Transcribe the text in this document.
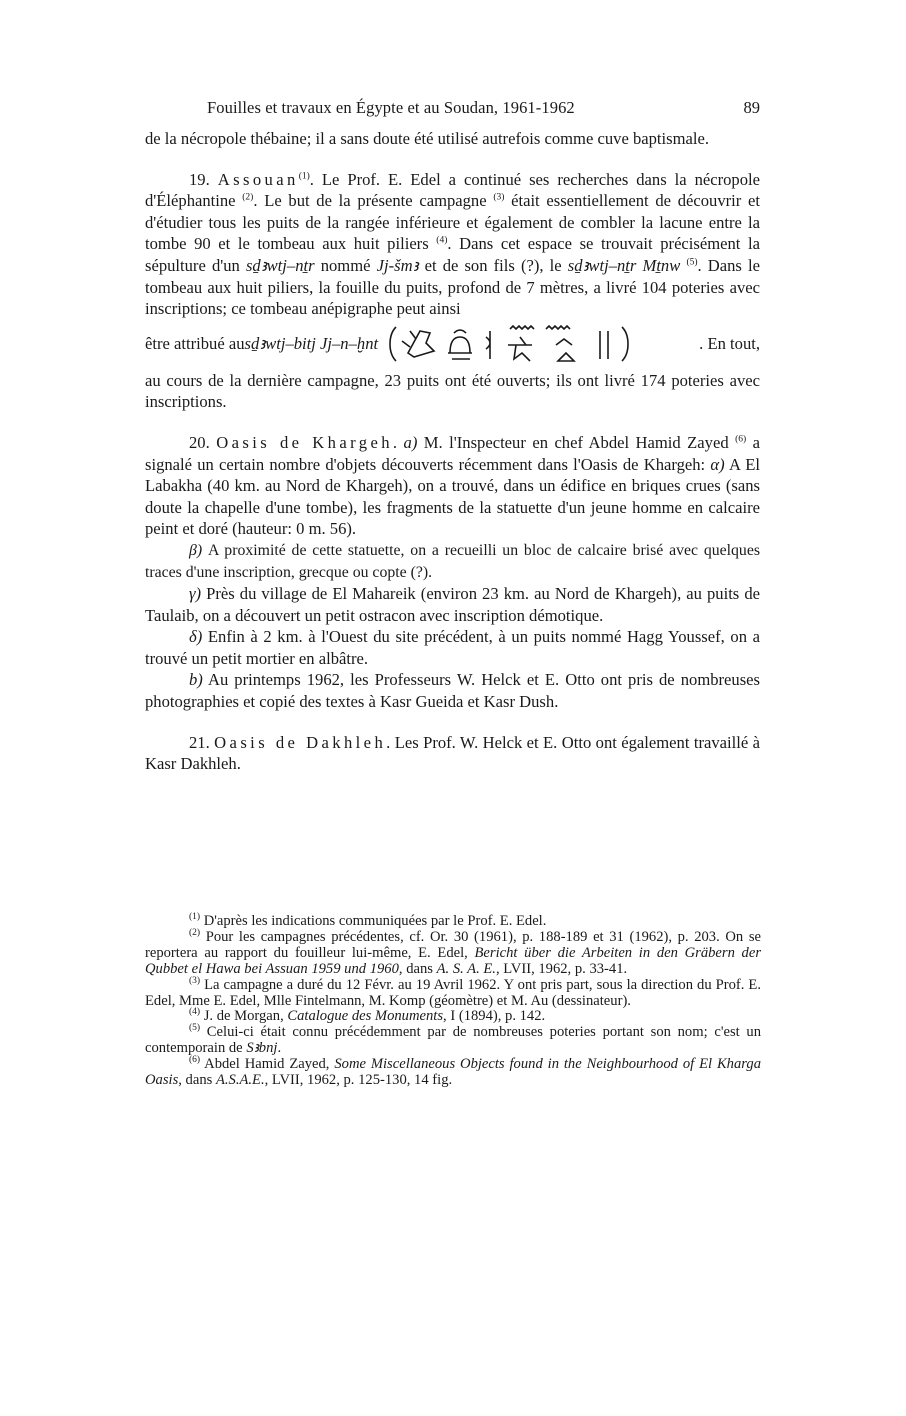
Fouilles et travaux en Égypte et au Soudan, 1961-1962	89

de la nécropole thébaine; il a sans doute été utilisé autrefois comme cuve baptismale.

19. Assouan$^{(1)}$. Le Prof. E. Edel a continué ses recherches dans la nécropole d'Éléphantine $^{(2)}$. Le but de la présente campagne $^{(3)}$ était essentiellement de découvrir et d'étudier tous les puits de la rangée inférieure et également de combler la lacune entre la tombe 90 et le tombeau aux huit piliers $^{(4)}$. Dans cet espace se trouvait précisément la sépulture d'un sḏꜣwtj–nṯr nommé Jj-šmꜣ et de son fils (?), le sḏꜣwtj–nṯr Mṯnw $^{(5)}$. Dans le tombeau aux huit piliers, la fouille du puits, profond de 7 mètres, a livré 104 poteries avec inscriptions; ce tombeau anépigraphe peut ainsi

être attribué au sḏꜣwtj–bitj Jj–n–ḫnt	. En tout,

au cours de la dernière campagne, 23 puits ont été ouverts; ils ont livré 174 poteries avec inscriptions.

20. Oasis de Khargeh. a) M. l'Inspecteur en chef Abdel Hamid Zayed $^{(6)}$ a signalé un certain nombre d'objets découverts récemment dans l'Oasis de Khargeh: α) A El Labakha (40 km. au Nord de Khargeh), on a trouvé, dans un édifice en briques crues (sans doute la chapelle d'une tombe), les fragments de la statuette d'un jeune homme en calcaire peint et doré (hauteur: 0 m. 56).

β) A proximité de cette statuette, on a recueilli un bloc de calcaire brisé avec quelques traces d'une inscription, grecque ou copte (?).

γ) Près du village de El Mahareik (environ 23 km. au Nord de Khargeh), au puits de Taulaib, on a découvert un petit ostracon avec inscription démotique.

δ) Enfin à 2 km. à l'Ouest du site précédent, à un puits nommé Hagg Youssef, on a trouvé un petit mortier en albâtre.

b) Au printemps 1962, les Professeurs W. Helck et E. Otto ont pris de nombreuses photographies et copié des textes à Kasr Gueida et Kasr Dush.

21. Oasis de Dakhleh. Les Prof. W. Helck et E. Otto ont également travaillé à Kasr Dakhleh.

$^{(1)}$ D'après les indications communiquées par le Prof. E. Edel.

$^{(2)}$ Pour les campagnes précédentes, cf. Or. 30 (1961), p. 188-189 et 31 (1962), p. 203. On se reportera au rapport du fouilleur lui-même, E. Edel, Bericht über die Arbeiten in den Gräbern der Qubbet el Hawa bei Assuan 1959 und 1960, dans A. S. A. E., LVII, 1962, p. 33-41.

$^{(3)}$ La campagne a duré du 12 Févr. au 19 Avril 1962. Y ont pris part, sous la direction du Prof. E. Edel, Mme E. Edel, Mlle Fintelmann, M. Komp (géomètre) et M. Au (dessinateur).

$^{(4)}$ J. de Morgan, Catalogue des Monuments, I (1894), p. 142.

$^{(5)}$ Celui-ci était connu précédemment par de nombreuses poteries portant son nom; c'est un contemporain de Sꜣbnj.

$^{(6)}$ Abdel Hamid Zayed, Some Miscellaneous Objects found in the Neighbourhood of El Kharga Oasis, dans A.S.A.E., LVII, 1962, p. 125-130, 14 fig.
